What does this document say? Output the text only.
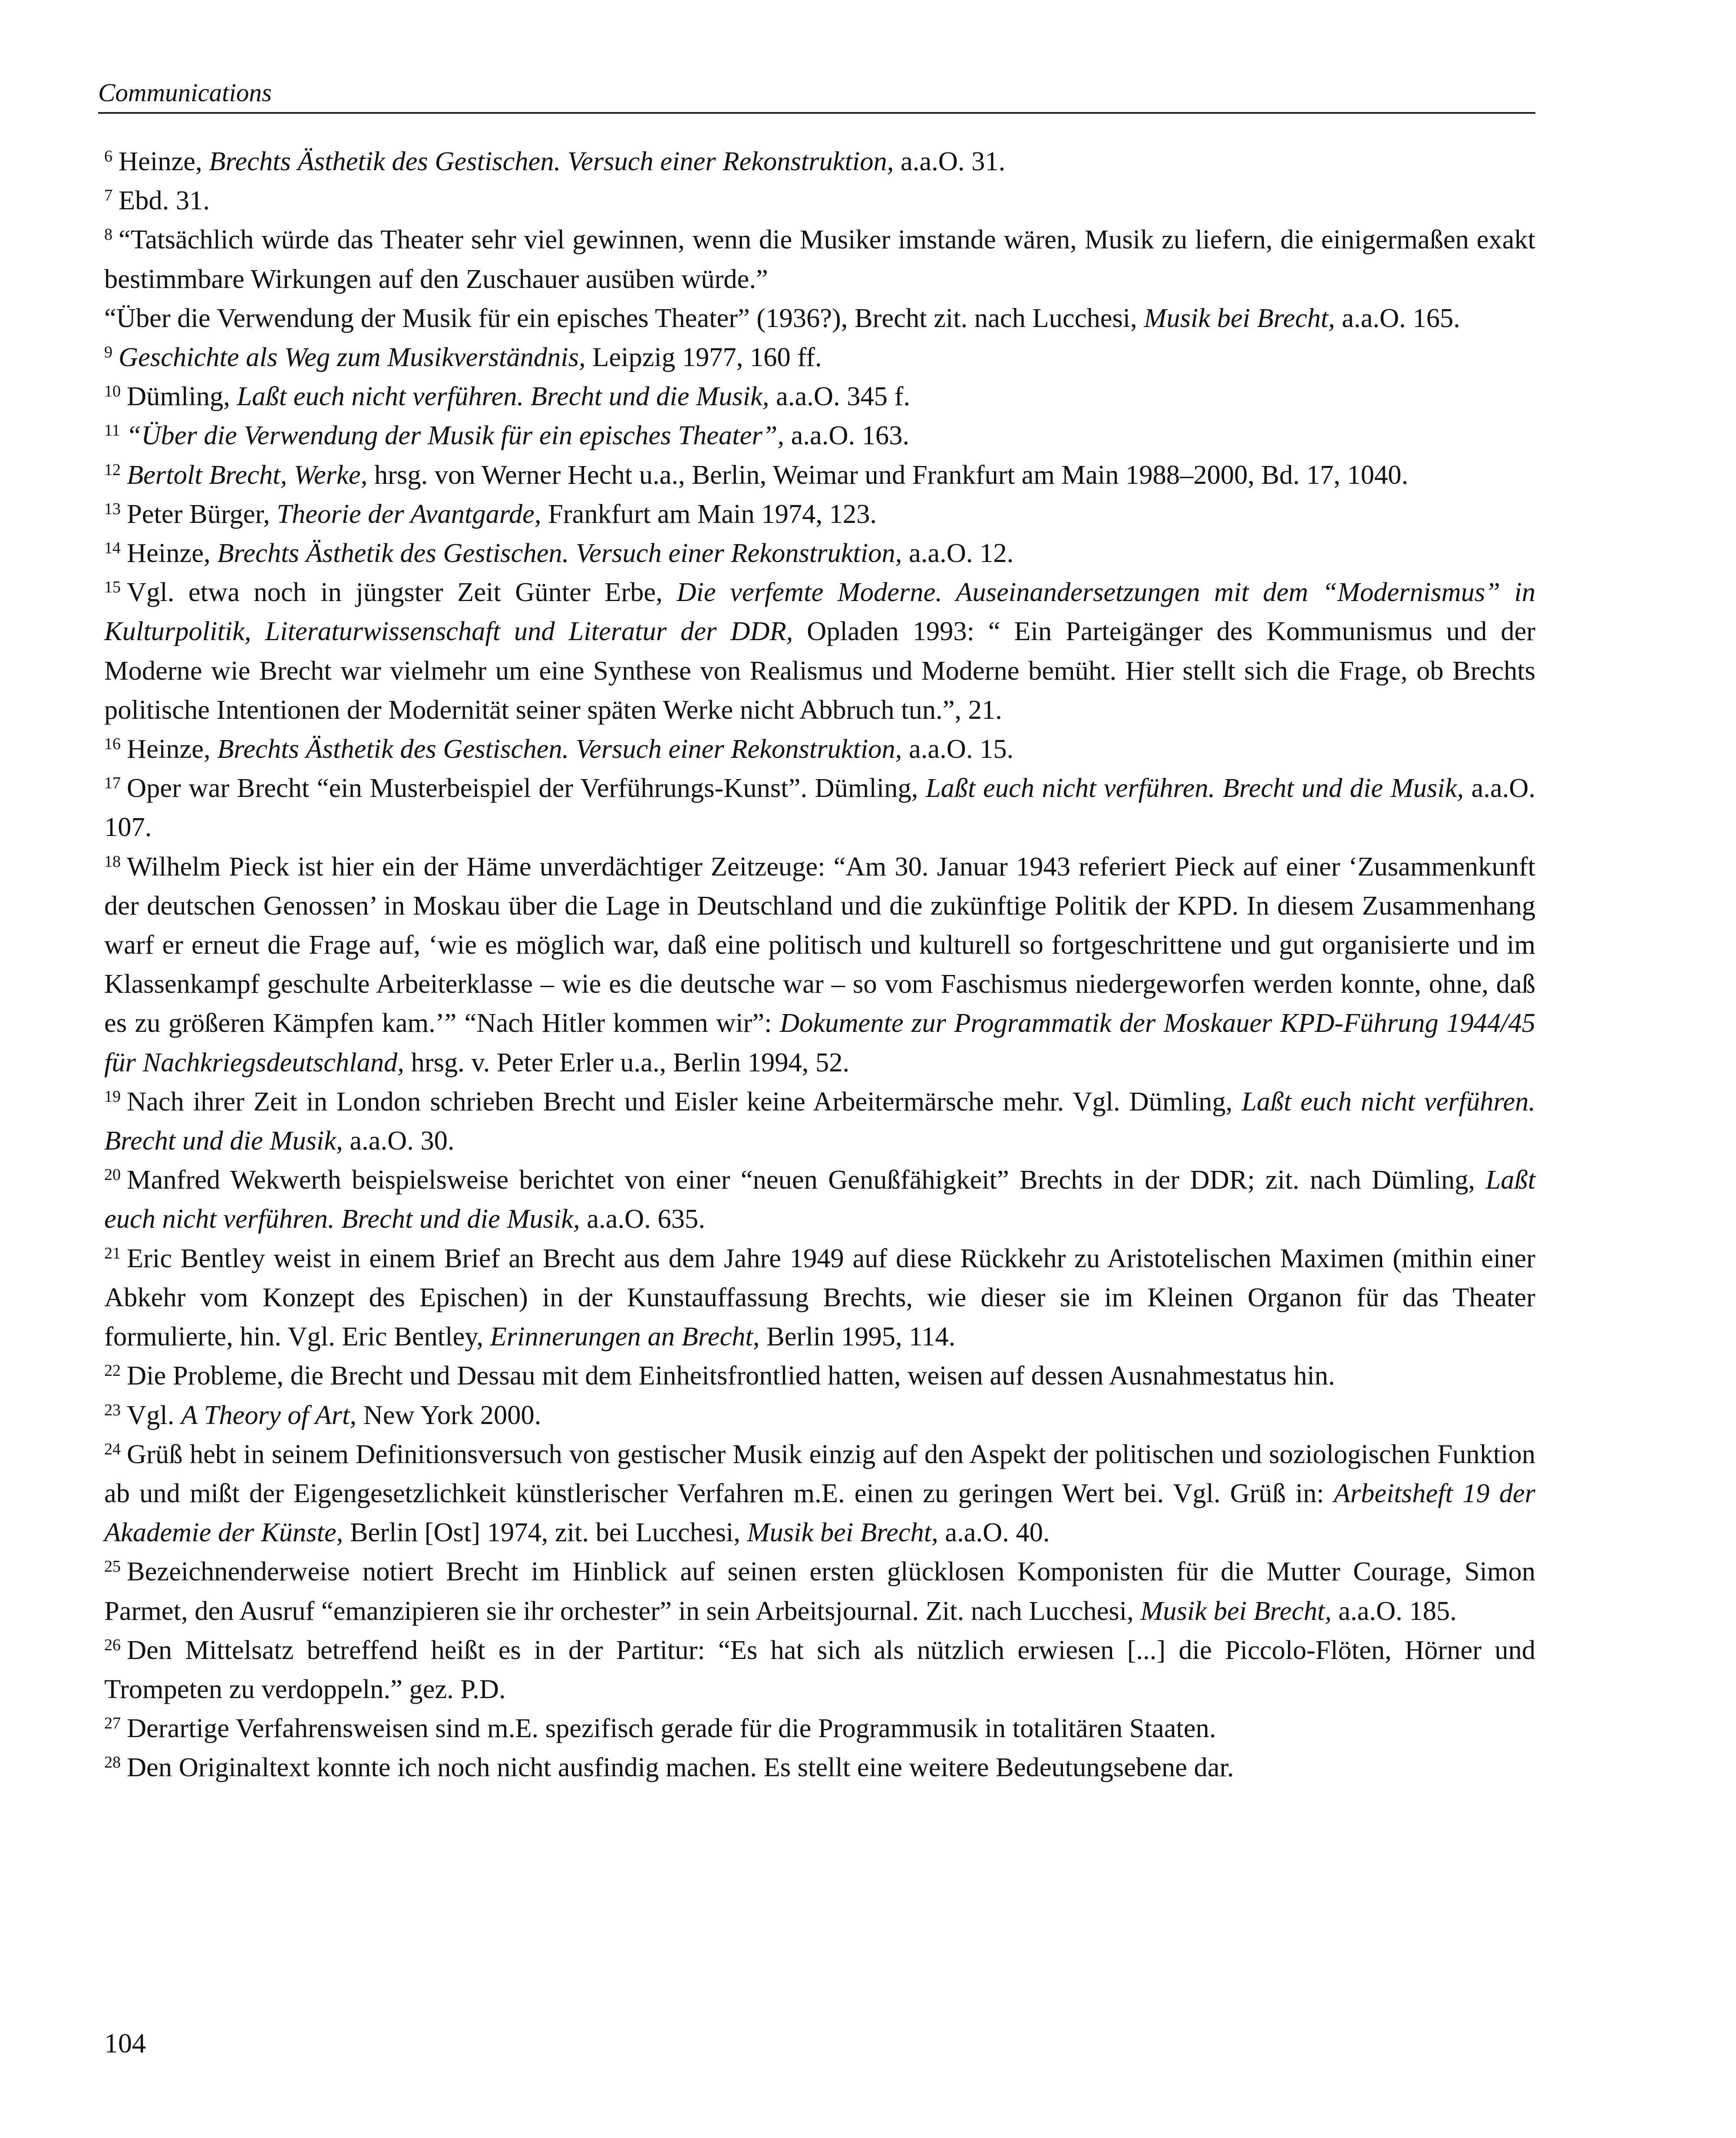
Communications

$^6$ Heinze, Brechts Ästhetik des Gestischen. Versuch einer Rekonstruktion, a.a.O. 31.

$^7$ Ebd. 31.

$^8$ “Tatsächlich würde das Theater sehr viel gewinnen, wenn die Musiker imstande wären, Musik zu liefern, die einigermaßen exakt bestimmbare Wirkungen auf den Zuschauer ausüben würde.”

“Über die Verwendung der Musik für ein episches Theater” (1936?), Brecht zit. nach Lucchesi, Musik bei Brecht, a.a.O. 165.

$^9$ Geschichte als Weg zum Musikverständnis, Leipzig 1977, 160 ff.

$^{10}$ Dümling, Laßt euch nicht verführen. Brecht und die Musik, a.a.O. 345 f.

$^{11}$ “Über die Verwendung der Musik für ein episches Theater”, a.a.O. 163.

$^{12}$ Bertolt Brecht, Werke, hrsg. von Werner Hecht u.a., Berlin, Weimar und Frankfurt am Main 1988–2000, Bd. 17, 1040.

$^{13}$ Peter Bürger, Theorie der Avantgarde, Frankfurt am Main 1974, 123.

$^{14}$ Heinze, Brechts Ästhetik des Gestischen. Versuch einer Rekonstruktion, a.a.O. 12.

$^{15}$ Vgl. etwa noch in jüngster Zeit Günter Erbe, Die verfemte Moderne. Auseinandersetzungen mit dem “Modernismus” in Kulturpolitik, Literaturwissenschaft und Literatur der DDR, Opladen 1993: “ Ein Parteigänger des Kommunismus und der Moderne wie Brecht war vielmehr um eine Synthese von Realismus und Moderne bemüht. Hier stellt sich die Frage, ob Brechts politische Intentionen der Modernität seiner späten Werke nicht Abbruch tun.”, 21.

$^{16}$ Heinze, Brechts Ästhetik des Gestischen. Versuch einer Rekonstruktion, a.a.O. 15.

$^{17}$ Oper war Brecht “ein Musterbeispiel der Verführungs-Kunst”. Dümling, Laßt euch nicht verführen. Brecht und die Musik, a.a.O. 107.

$^{18}$ Wilhelm Pieck ist hier ein der Häme unverdächtiger Zeitzeuge: “Am 30. Januar 1943 referiert Pieck auf einer ‘Zusammenkunft der deutschen Genossen’ in Moskau über die Lage in Deutschland und die zukünftige Politik der KPD. In diesem Zusammenhang warf er erneut die Frage auf, ‘wie es möglich war, daß eine politisch und kulturell so fortgeschrittene und gut organisierte und im Klassenkampf geschulte Arbeiterklasse – wie es die deutsche war – so vom Faschismus niedergeworfen werden konnte, ohne, daß es zu größeren Kämpfen kam.’” “Nach Hitler kommen wir”: Dokumente zur Programmatik der Moskauer KPD-Führung 1944/45 für Nachkriegsdeutschland, hrsg. v. Peter Erler u.a., Berlin 1994, 52.

$^{19}$ Nach ihrer Zeit in London schrieben Brecht und Eisler keine Arbeitermärsche mehr. Vgl. Dümling, Laßt euch nicht verführen. Brecht und die Musik, a.a.O. 30.

$^{20}$ Manfred Wekwerth beispielsweise berichtet von einer “neuen Genußfähigkeit” Brechts in der DDR; zit. nach Dümling, Laßt euch nicht verführen. Brecht und die Musik, a.a.O. 635.

$^{21}$ Eric Bentley weist in einem Brief an Brecht aus dem Jahre 1949 auf diese Rückkehr zu Aristotelischen Maximen (mithin einer Abkehr vom Konzept des Epischen) in der Kunstauffassung Brechts, wie dieser sie im Kleinen Organon für das Theater formulierte, hin. Vgl. Eric Bentley, Erinnerungen an Brecht, Berlin 1995, 114.

$^{22}$ Die Probleme, die Brecht und Dessau mit dem Einheitsfrontlied hatten, weisen auf dessen Ausnahmestatus hin.

$^{23}$ Vgl. A Theory of Art, New York 2000.

$^{24}$ Grüß hebt in seinem Definitionsversuch von gestischer Musik einzig auf den Aspekt der politischen und soziologischen Funktion ab und mißt der Eigengesetzlichkeit künstlerischer Verfahren m.E. einen zu geringen Wert bei. Vgl. Grüß in: Arbeitsheft 19 der Akademie der Künste, Berlin [Ost] 1974, zit. bei Lucchesi, Musik bei Brecht, a.a.O. 40.

$^{25}$ Bezeichnenderweise notiert Brecht im Hinblick auf seinen ersten glücklosen Komponisten für die Mutter Courage, Simon Parmet, den Ausruf “emanzipieren sie ihr orchester” in sein Arbeitsjournal. Zit. nach Lucchesi, Musik bei Brecht, a.a.O. 185.

$^{26}$ Den Mittelsatz betreffend heißt es in der Partitur: “Es hat sich als nützlich erwiesen [...] die Piccolo-Flöten, Hörner und Trompeten zu verdoppeln.” gez. P.D.

$^{27}$ Derartige Verfahrensweisen sind m.E. spezifisch gerade für die Programmusik in totalitären Staaten.

$^{28}$ Den Originaltext konnte ich noch nicht ausfindig machen. Es stellt eine weitere Bedeutungsebene dar.

104
